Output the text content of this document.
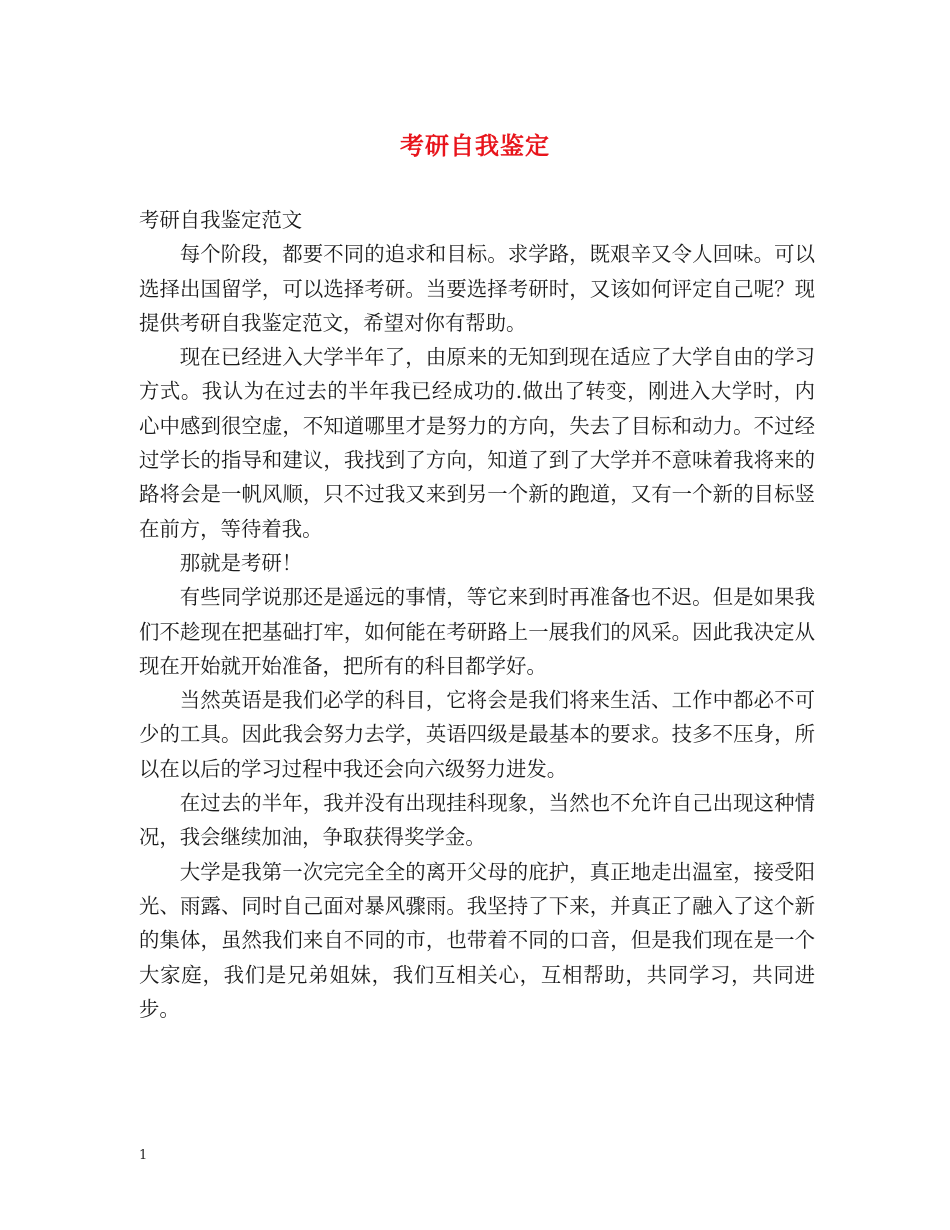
考研自我鉴定

考研自我鉴定范文

每个阶段，都要不同的追求和目标。求学路，既艰辛又令人回味。可以选择出国留学，可以选择考研。当要选择考研时，又该如何评定自己呢？现提供考研自我鉴定范文，希望对你有帮助。

现在已经进入大学半年了，由原来的无知到现在适应了大学自由的学习方式。我认为在过去的半年我已经成功的.做出了转变，刚进入大学时，内心中感到很空虚，不知道哪里才是努力的方向，失去了目标和动力。不过经过学长的指导和建议，我找到了方向，知道了到了大学并不意味着我将来的路将会是一帆风顺，只不过我又来到另一个新的跑道，又有一个新的目标竖在前方，等待着我。

那就是考研！

有些同学说那还是遥远的事情，等它来到时再准备也不迟。但是如果我们不趁现在把基础打牢，如何能在考研路上一展我们的风采。因此我决定从现在开始就开始准备，把所有的科目都学好。

当然英语是我们必学的科目，它将会是我们将来生活、工作中都必不可少的工具。因此我会努力去学，英语四级是最基本的要求。技多不压身，所以在以后的学习过程中我还会向六级努力进发。

在过去的半年，我并没有出现挂科现象，当然也不允许自己出现这种情况，我会继续加油，争取获得奖学金。

大学是我第一次完完全全的离开父母的庇护，真正地走出温室，接受阳光、雨露、同时自己面对暴风骤雨。我坚持了下来，并真正了融入了这个新的集体，虽然我们来自不同的市，也带着不同的口音，但是我们现在是一个大家庭，我们是兄弟姐妹，我们互相关心，互相帮助，共同学习，共同进步。

1
